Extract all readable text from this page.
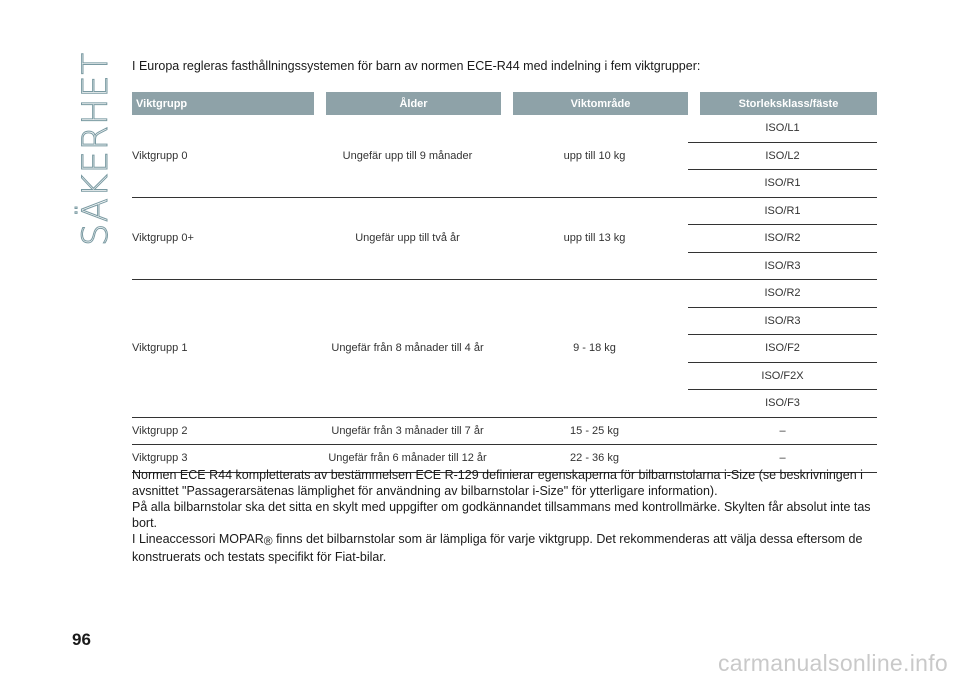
SÄKERHET I Europa regleras fasthållningssystemen för barn av normen ECE-R44 med indelning i fem viktgrupper:
Viktgrupp	Ålder	Viktområde	Storleksklass/fäste
Viktgrupp 0	Ungefär upp till 9 månader	upp till 10 kg	ISO/L1
			ISO/L2
			ISO/R1
Viktgrupp 0+	Ungefär upp till två år	upp till 13 kg	ISO/R1
			ISO/R2
			ISO/R3
Viktgrupp 1	Ungefär från 8 månader till 4 år	9 - 18 kg	ISO/R2
			ISO/R3
			ISO/F2
			ISO/F2X
			ISO/F3
Viktgrupp 2	Ungefär från 3 månader till 7 år	15 - 25 kg	–
Viktgrupp 3	Ungefär från 6 månader till 12 år	22 - 36 kg	–

Normen ECE R44 kompletterats av bestämmelsen ECE R-129 definierar egenskaperna för bilbarnstolarna i-Size (se beskrivningen i avsnittet "Passagerarsätenas lämplighet för användning av bilbarnstolar i-Size" för ytterligare information).

På alla bilbarnstolar ska det sitta en skylt med uppgifter om godkännandet tillsammans med kontrollmärke. Skylten får absolut inte tas bort.

I Lineaccessori MOPAR® finns det bilbarnstolar som är lämpliga för varje viktgrupp. Det rekommenderas att välja dessa eftersom de konstruerats och testats specifikt för Fiat-bilar.

96
carmanualsonline.info
